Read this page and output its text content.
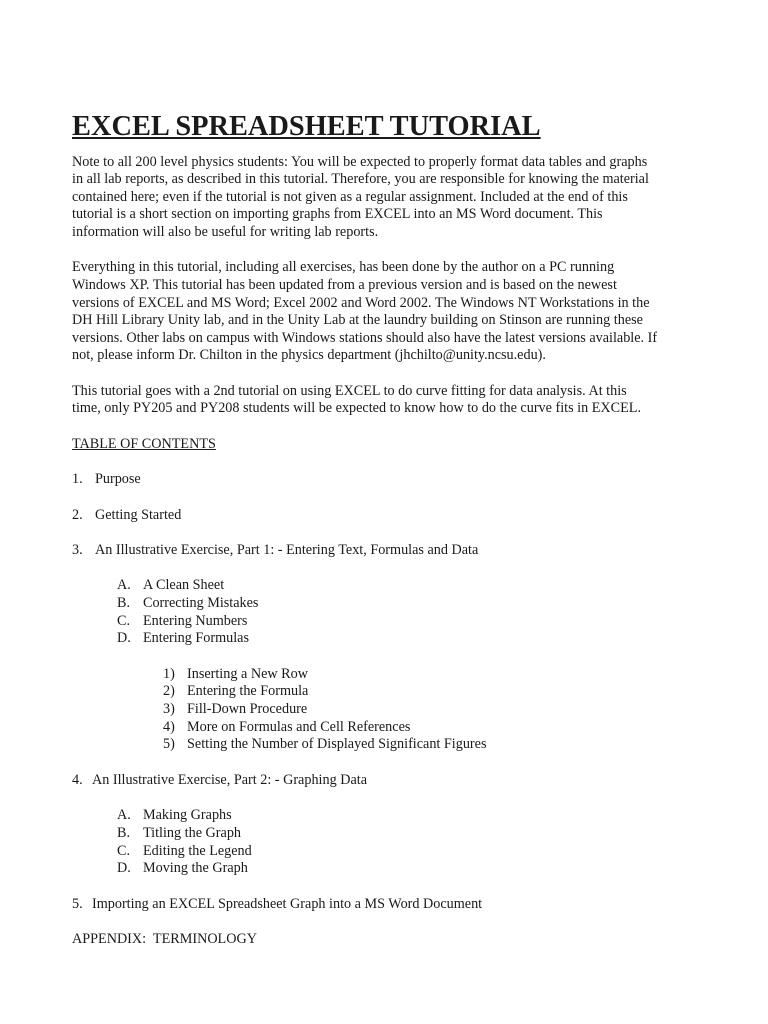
EXCEL SPREADSHEET TUTORIAL

Note to all 200 level physics students: You will be expected to properly format data tables and graphs
in all lab reports, as described in this tutorial. Therefore, you are responsible for knowing the material
contained here; even if the tutorial is not given as a regular assignment. Included at the end of this
tutorial is a short section on importing graphs from EXCEL into an MS Word document. This
information will also be useful for writing lab reports.

Everything in this tutorial, including all exercises, has been done by the author on a PC running
Windows XP. This tutorial has been updated from a previous version and is based on the newest
versions of EXCEL and MS Word; Excel 2002 and Word 2002. The Windows NT Workstations in the
DH Hill Library Unity lab, and in the Unity Lab at the laundry building on Stinson are running these
versions. Other labs on campus with Windows stations should also have the latest versions available. If
not, please inform Dr. Chilton in the physics department (jhchilto@unity.ncsu.edu).

This tutorial goes with a 2nd tutorial on using EXCEL to do curve fitting for data analysis. At this
time, only PY205 and PY208 students will be expected to know how to do the curve fits in EXCEL.

TABLE OF CONTENTS
1. Purpose
2. Getting Started
3. An Illustrative Exercise, Part 1: - Entering Text, Formulas and Data
A. A Clean Sheet
B. Correcting Mistakes
C. Entering Numbers
D. Entering Formulas
1) Inserting a New Row
2) Entering the Formula
3) Fill-Down Procedure
4) More on Formulas and Cell References
5) Setting the Number of Displayed Significant Figures
4. An Illustrative Exercise, Part 2: - Graphing Data
A. Making Graphs
B. Titling the Graph
C. Editing the Legend
D. Moving the Graph
5. Importing an EXCEL Spreadsheet Graph into a MS Word Document
APPENDIX:  TERMINOLOGY
